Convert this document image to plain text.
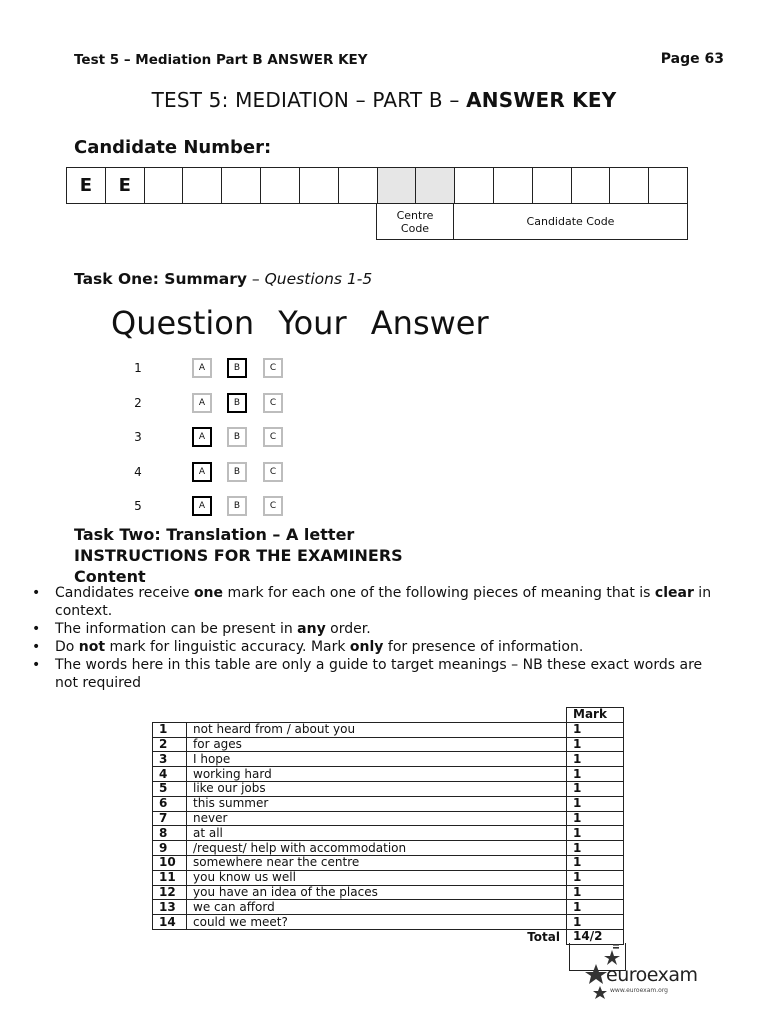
Test 5 – Mediation Part B ANSWER KEY	Page 63
TEST 5: MEDIATION – PART B – ANSWER KEY
Candidate Number:
E	E
Centre Code	Candidate Code
Task One: Summary – Questions 1-5
Question Your Answer
1	A	B	C
2	A	B	C
3	A	B	C
4	A	B	C
5	A	B	C
Task Two: Translation – A letter
INSTRUCTIONS FOR THE EXAMINERS
Content
• Candidates receive one mark for each one of the following pieces of meaning that is clear in context.
• The information can be present in any order.
• Do not mark for linguistic accuracy. Mark only for presence of information.
• The words here in this table are only a guide to target meanings – NB these exact words are not required
		Mark
1	not heard from / about you	1
2	for ages	1
3	I hope	1
4	working hard	1
5	like our jobs	1
6	this summer	1
7	never	1
8	at all	1
9	/request/ help with accommodation	1
10	somewhere near the centre	1
11	you know us well	1
12	you have an idea of the places	1
13	we can afford	1
14	could we meet?	1
	Total	14/2
euroexam
www.euroexam.org
